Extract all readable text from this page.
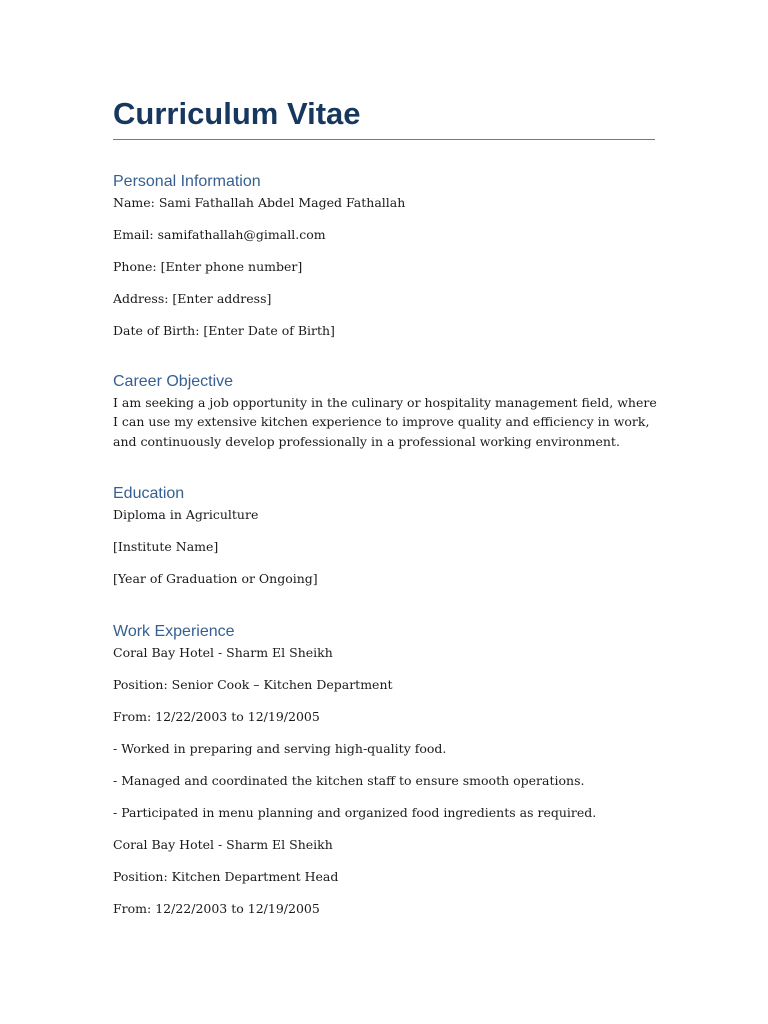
Curriculum Vitae
Personal Information

Name: Sami Fathallah Abdel Maged Fathallah

Email: samifathallah@gimall.com

Phone: [Enter phone number]

Address: [Enter address]

Date of Birth: [Enter Date of Birth]

Career Objective

I am seeking a job opportunity in the culinary or hospitality management field, where I can use my extensive kitchen experience to improve quality and efficiency in work, and continuously develop professionally in a professional working environment.

Education

Diploma in Agriculture

[Institute Name]

[Year of Graduation or Ongoing]

Work Experience

Coral Bay Hotel - Sharm El Sheikh

Position: Senior Cook – Kitchen Department

From: 12/22/2003 to 12/19/2005

- Worked in preparing and serving high-quality food.

- Managed and coordinated the kitchen staff to ensure smooth operations.

- Participated in menu planning and organized food ingredients as required.

Coral Bay Hotel - Sharm El Sheikh

Position: Kitchen Department Head

From: 12/22/2003 to 12/19/2005
